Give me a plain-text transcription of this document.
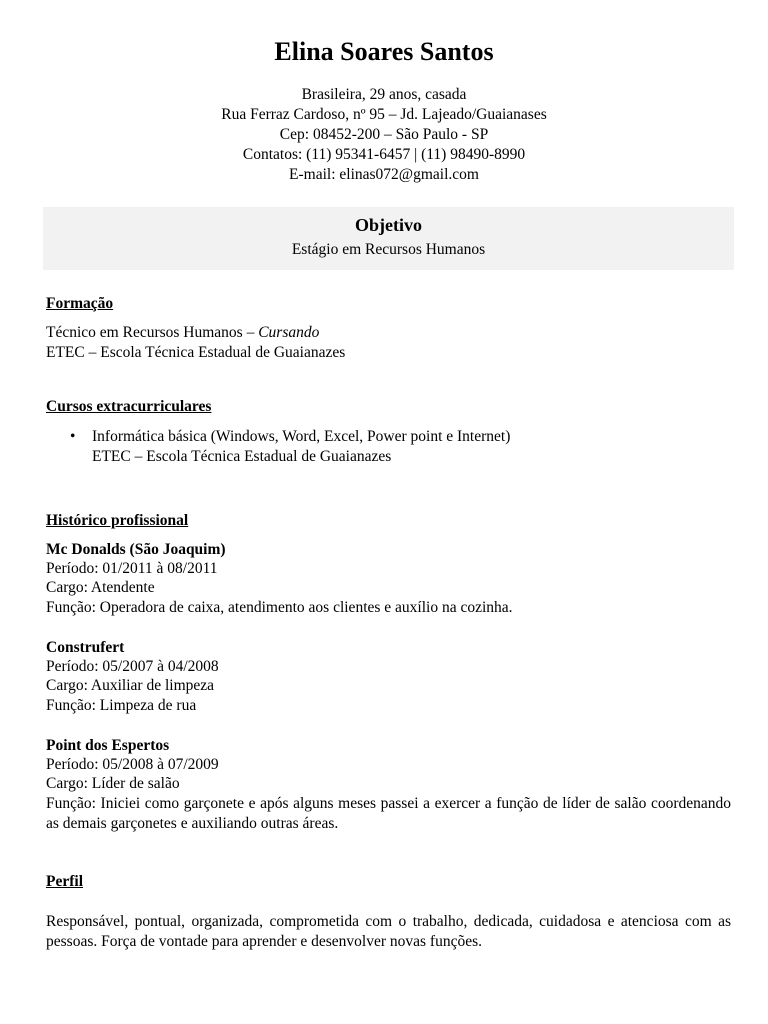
Elina Soares Santos
Brasileira, 29 anos, casada
Rua Ferraz Cardoso, nº 95 – Jd. Lajeado/Guaianases
Cep: 08452-200 – São Paulo - SP
Contatos: (11) 95341-6457 | (11) 98490-8990
E-mail: elinas072@gmail.com
Objetivo
Estágio em Recursos Humanos
Formação
Técnico em Recursos Humanos – Cursando
ETEC – Escola Técnica Estadual de Guaianazes
Cursos extracurriculares
• Informática básica (Windows, Word, Excel, Power point e Internet)
ETEC – Escola Técnica Estadual de Guaianazes
Histórico profissional
Mc Donalds (São Joaquim)
Período: 01/2011 à 08/2011
Cargo: Atendente
Função: Operadora de caixa, atendimento aos clientes e auxílio na cozinha.
Construfert
Período: 05/2007 à 04/2008
Cargo: Auxiliar de limpeza
Função: Limpeza de rua
Point dos Espertos
Período: 05/2008 à 07/2009
Cargo: Líder de salão
Função: Iniciei como garçonete e após alguns meses passei a exercer a função de líder de salão coordenando as demais garçonetes e auxiliando outras áreas.
Perfil
Responsável, pontual, organizada, comprometida com o trabalho, dedicada, cuidadosa e atenciosa com as pessoas. Força de vontade para aprender e desenvolver novas funções.
